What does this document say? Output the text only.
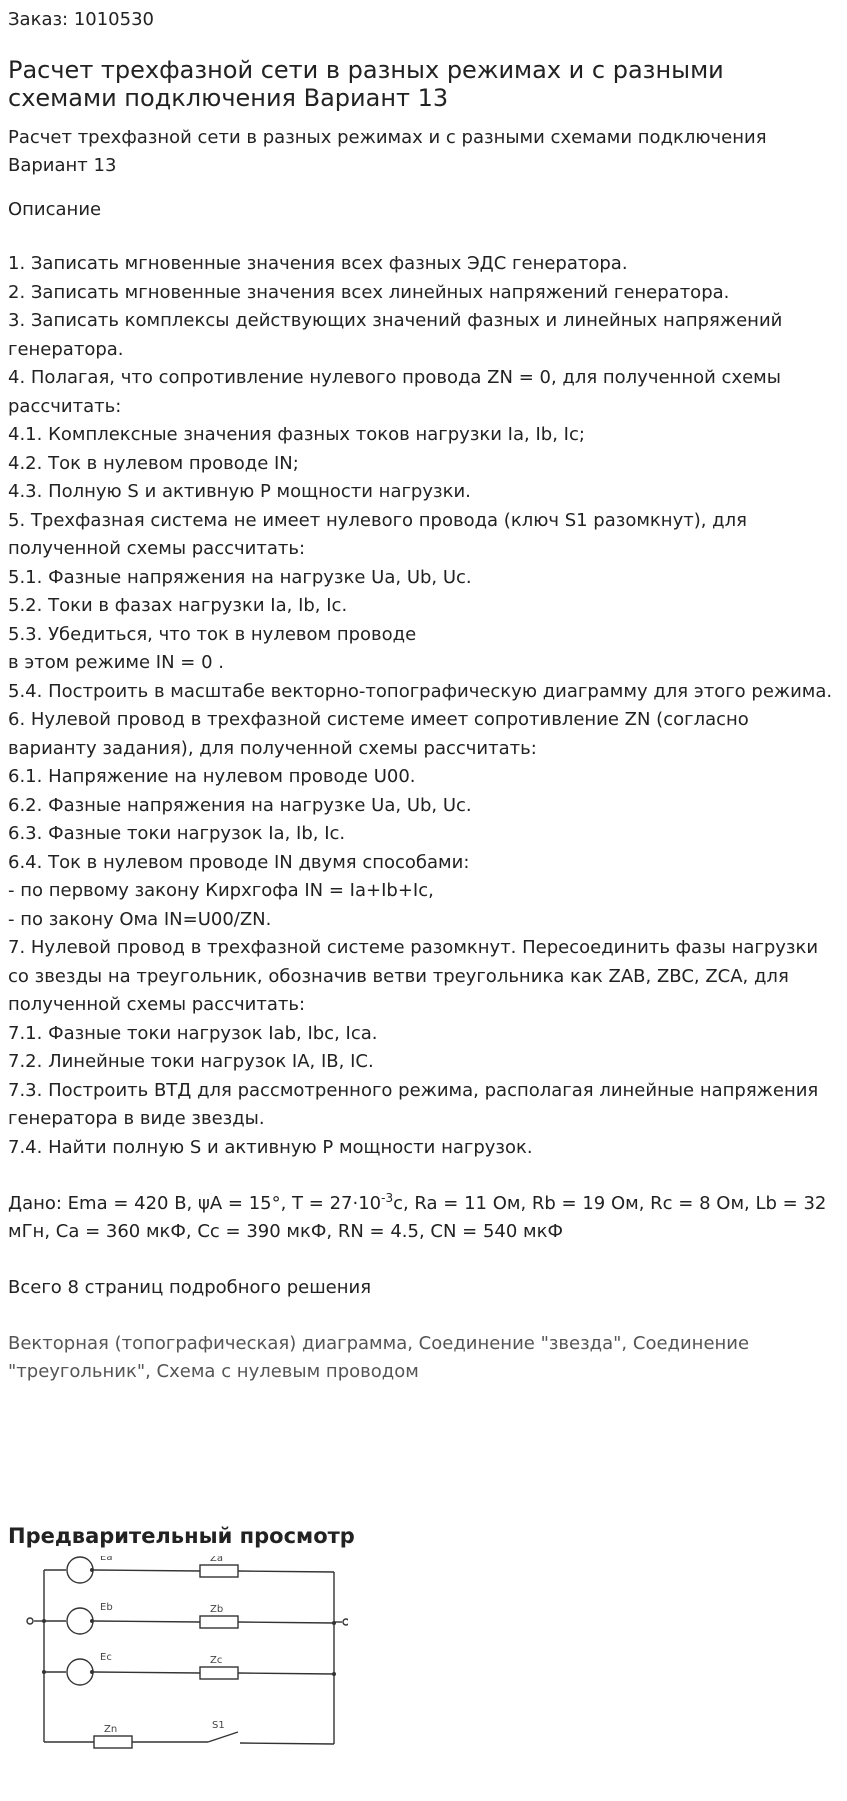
Заказ: 1010530
Расчет трехфазной сети в разных режимах и с разными схемами подключения Вариант 13
Расчет трехфазной сети в разных режимах и с разными схемами подключения Вариант 13
Описание
1. Записать мгновенные значения всех фазных ЭДС генератора.
2. Записать мгновенные значения всех линейных напряжений генератора.
3. Записать комплексы действующих значений фазных и линейных напряжений генератора.
4. Полагая, что сопротивление нулевого провода ZN = 0, для полученной схемы рассчитать:
4.1. Комплексные значения фазных токов нагрузки Ia, Ib, Ic;
4.2. Ток в нулевом проводе IN;
4.3. Полную S и активную P мощности нагрузки.
5. Трехфазная система не имеет нулевого провода (ключ S1 разомкнут), для полученной схемы рассчитать:
5.1. Фазные напряжения на нагрузке Ua, Ub, Uc.
5.2. Токи в фазах нагрузки Ia, Ib, Ic.
5.3. Убедиться, что ток в нулевом проводе
в этом режиме IN = 0 .
5.4. Построить в масштабе векторно-топографическую диаграмму для этого режима.
6. Нулевой провод в трехфазной системе имеет сопротивление ZN (согласно варианту задания), для полученной схемы рассчитать:
6.1. Напряжение на нулевом проводе U00.
6.2. Фазные напряжения на нагрузке Ua, Ub, Uc.
6.3. Фазные токи нагрузок Ia, Ib, Ic.
6.4. Ток в нулевом проводе IN двумя способами:
- по первому закону Кирхгофа IN = Ia+Ib+Ic,
- по закону Ома IN=U00/ZN.
7. Нулевой провод в трехфазной системе разомкнут. Пересоединить фазы нагрузки со звезды на треугольник, обозначив ветви треугольника как ZAB, ZBC, ZCA, для полученной схемы рассчитать:
7.1. Фазные токи нагрузок Iab, Ibc, Ica.
7.2. Линейные токи нагрузок IA, IB, IC.
7.3. Построить ВТД для рассмотренного режима, располагая линейные напряжения генератора в виде звезды.
7.4. Найти полную S и активную P мощности нагрузок.
Дано: Ema = 420 В, ψA = 15°, $T = 27\cdot 10^{-3}с$, Ra = 11 Ом, Rb = 19 Ом, Rc = 8 Ом, Lb = 32 мГн, Ca = 360 мкФ, Cc = 390 мкФ, RN = 4.5, CN = 540 мкФ
Всего 8 страниц подробного решения
Векторная (топографическая) диаграмма, Соединение "звезда", Соединение "треугольник", Схема с нулевым проводом
Предварительный просмотр
Ea
Eb
Ec
Za
Zb
Zc
Zn	S1
